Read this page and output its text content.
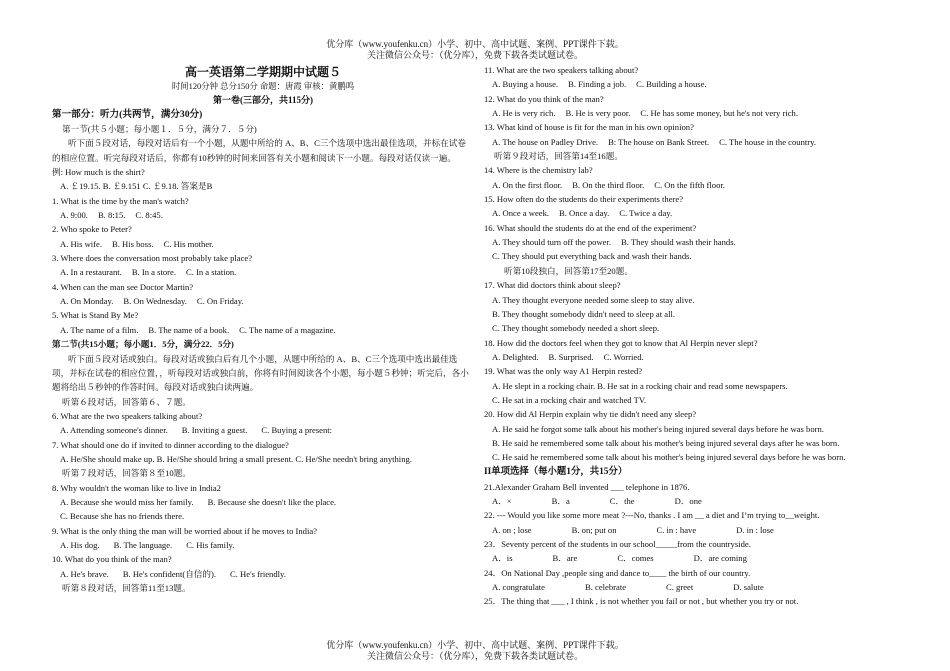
优分库（www.youfenku.cn）小学、初中、高中试题、案例、PPT课件下载。
关注微信公众号：（优分库），免费下载各类试题试卷。
高一英语第二学期期中试题５
时间120分钟 总分150分 命题：唐霞 审核：黄鹏鸣
第一卷(三部分，共115分)
第一部分：听力(共两节，满分30分)
第一节(共５小题；每小题１．５分，满分７．５分)
听下面５段对话，每段对话后有一个小题，从题中所给的 A、B、C三个选项中选出最佳选项，并标在试卷的相应位置。听完每段对话后，你都有10秒钟的时间来回答有关小题和阅读下一小题。每段对话仅读一遍。
例: How much is the shirt?
A. ￡19.15. B. ￡9.151 C. ￡9.18. 答案是B
1. What is the time by the man's watch?
A. 9:00. B. 8:15. C. 8:45.
2. Who spoke to Peter?
A. His wife. B. His boss. C. His mother.
3. Where does the conversation most probably take place?
A. In a restaurant. B. In a store. C. In a station.
4. When can the man see Doctor Martin?
A. On Monday. B. On Wednesday. C. On Friday.
5. What is Stand By Me?
A. The name of a film. B. The name of a book. C. The name of a magazine.
第二节(共15小题；每小题1．5分，满分22．5分)
听下面５段对话或独白。每段对话或独白后有几个小题，从题中所给的 A、B、C三个选项中选出最佳选项，并标在试卷的相应位置，，听每段对话或独白前，你将有时间阅读各个小题，每小题５秒钟；听完后，各小题将给出５秒钟的作答时间。每段对话或独白读两遍。
听第６段对话，回答第６、７题。
6. What are the two speakers talking about?
A. Attending someone's dinner. B. Inviting a guest. C. Buying a present:
7. What should one do if invited to dinner according to the dialogue?
A. He/She should make up. B. He/She should bring a small present. C. He/She needn't bring anything.
听第７段对话，回答第８至10题。
8. Why wouldn't the woman like to live in India2
A. Because she would miss her family. B. Because she doesn't like the place.
C. Because she has no friends there.
9. What is the only thing the man will be worried about if he moves to India?
A. His dog. B. The language. C. His family.
10. What do you think of the man?
A. He's brave. B. He's confident(自信的). C. He's friendly.
听第８段对话，回答第11至13题。
11. What are the two speakers talking about?
A. Buying a house. B. Finding a job. C. Building a house.
12. What do you think of the man?
A. He is very rich. B. He is very poor. C. He has some money, but he's not very rich.
13. What kind of house is fit for the man in his own opinion?
A. The house on Padley Drive. B: The house on Bank Street. C. The house in the country.
听第９段对话，回答第14至16题。
14. Where is the chemistry lab?
A. On the first floor. B. On the third floor. C. On the fifth floor.
15. How often do the students do their experiments there?
A. Once a week. B. Once a day. C. Twice a day.
16. What should the students do at the end of the experiment?
A. They should turn off the power. B. They should wash their hands.
C. They should put everything back and wash their hands.
听第10段独白，回答第17至20题。
17. What did doctors think about sleep?
A. They thought everyone needed some sleep to stay alive.
B. They thought somebody didn't need to sleep at all.
C. They thought somebody needed a short sleep.
18. How did the doctors feel when they got to know that Al Herpin never slept?
A. Delighted. B. Surprised. C. Worried.
19. What was the only way A1 Herpin rested?
A. He slept in a rocking chair. B. He sat in a rocking chair and read some newspapers.
C. He sat in a rocking chair and watched TV.
20. How did Al Herpin explain why tie didn't need any sleep?
A. He said he forgot some talk about his mother's being injured several days before he was born.
B. He said he remembered some talk about his mother's being injured several days after he was born.
C. He said he remembered some talk about his mother's being injured several days before he was born.
II单项选择（每小题1分，共15分）
21.Alexander Graham Bell invented ___ telephone in 1876.
A．×	B．a	C．the	D．one
22. --- Would you like some more meat ?---No, thanks . I am __ a diet and I’m trying to__weight.
A. on ; lose	B. on; put on	C. in : have	D. in : lose
23．Seventy percent of the students in our school_____from the countryside.
A．is	B．are	C．comes	D．are coming
24．On National Day ,people sing and dance to____ the birth of our country.
A. congratulate	B. celebrate	C. greet	D. salute
25．The thing that ___ , I think , is not whether you fail or not , but whether you try or not.
优分库（www.youfenku.cn）小学、初中、高中试题、案例、PPT课件下载。
关注微信公众号：（优分库），免费下载各类试题试卷。
